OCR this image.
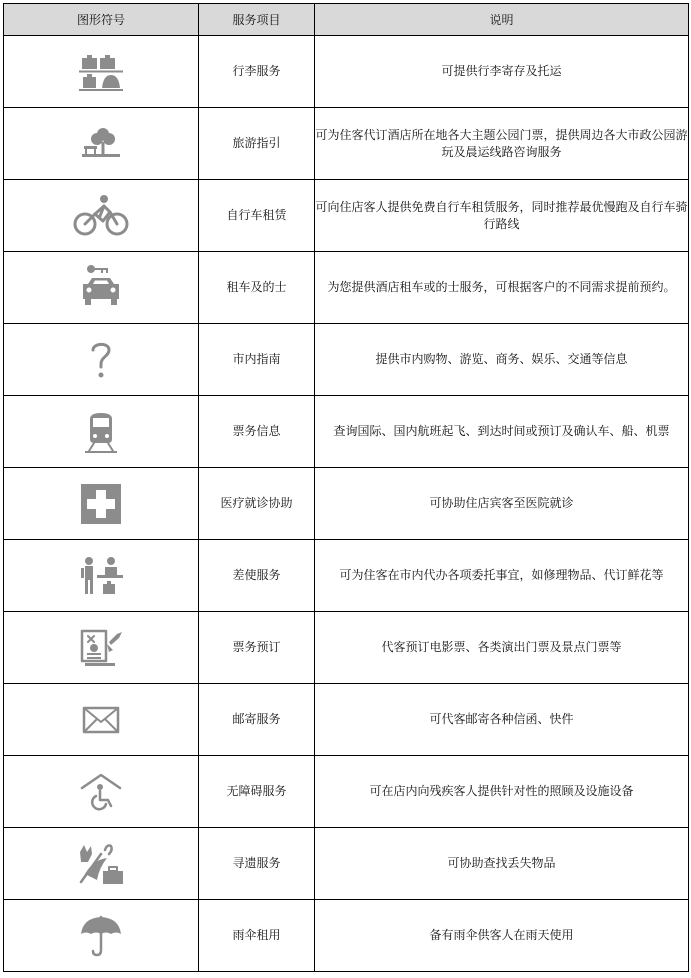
图形符号	服务项目	说明

	行李服务	可提供行李寄存及托运

	旅游指引	可为住客代订酒店所在地各大主题公园门票，提供周边各大市政公园游玩及晨运线路咨询服务

	自行车租赁	可向住店客人提供免费自行车租赁服务，同时推荐最优慢跑及自行车骑行路线

	租车及的士	为您提供酒店租车或的士服务，可根据客户的不同需求提前预约。

	市内指南	提供市内购物、游览、商务、娱乐、交通等信息

	票务信息	查询国际、国内航班起飞、到达时间或预订及确认车、船、机票

	医疗就诊协助	可协助住店宾客至医院就诊

	差使服务	可为住客在市内代办各项委托事宜，如修理物品、代订鲜花等

	票务预订	代客预订电影票、各类演出门票及景点门票等

	邮寄服务	可代客邮寄各种信函、快件

	无障碍服务	可在店内向残疾客人提供针对性的照顾及设施设备

	寻遗服务	可协助查找丢失物品

	雨伞租用	备有雨伞供客人在雨天使用
